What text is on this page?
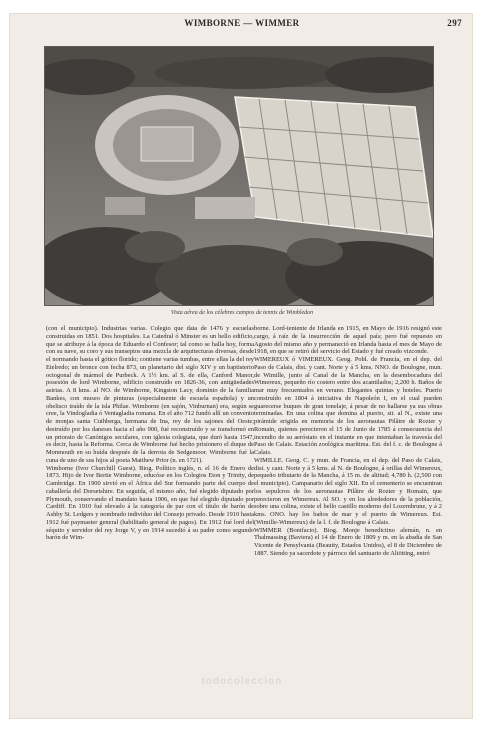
WIMBORNE — WIMMER	297
Vista aérea de los célebres campos de tennis de Wimbledon

(con el municipio). Industrias varias. Colegio que data de 1476 y escuelas construidas en 1851. Dos hospitales. La Catedral ó Minster es un bello edificio, que se atribuye á la época de Eduardo el Confesor; tal como se halla hoy, forma con su nave, su coro y sus transeptos una mezcla de arquitecturas diversas, desde el normando hasta el gótico florido; contiene varias tumbas, entre ellas la del rey Etelredo; un bronce con fecha 873, un planetario del siglo XIV y un baptisterio octogonal de mármol de Purbeck. A 1½ km. al S. de ella, Canford Manor, posesión de lord Wimborne, edificio construído en 1826-36, con antigüedades asirias. A 8 kms. al NO. de Wimborne, Kingston Lacy, dominio de la familia Bankes, con museo de pinturas (especialmente de escuela española) y un obelisco traído de la isla Philae. Wimborne (en sajón, Vinburnan) era, según se cree, la Vindogladia ó Ventagladia romana. En el año 712 fundó allí un convento de monjas santa Cuthberga, hermana de Ina, rey de los sajones del Oeste; destruído por los daneses hacia el año 900, fué reconstruído y se transformó en un priorato de Canónigos seculares, con iglesia colegiata, que duró hasta 1547, es decir, hasta la Reforma. Cerca de Wimborne fué hecho prisionero el duque de Monmouth en su huída después de la derrota de Sedgemoor. Wimborne fué la cuna de uno de sus hijos al poeta Matthew Prior (n. en 1721).

Wimborne (Ivor Churchill Guest). Biog. Político inglés, n. el 16 de Enero de 1873. Hijo de Ivor Bertie Wimborne, educóse en los Colegios Eton y Trinity, de Cambridge. En 1900 sirvió en el África del Sur formando parte del cuerpo de caballería del Dorsetshire. En seguida, el mismo año, fué elegido diputado por Plymouth, conservando el mandato hasta 1906, en que fué elegido diputado por Cardiff. En 1910 fué elevado á la categoría de par con el título de barón de Ashby St. Ledgers y nombrado individuo del Consejo privado. Desde 1910 hasta 1912 fué paymaster general (habilitado general de pagos). En 1912 fué lord del séquito y servidor del rey Jorge V, y en 1914 sucedió á su padre como segundo barón de Wim-

borne. Lord-teniente de Irlanda en 1915, en Mayo de 1916 resignó este cargo, á raíz de la insurrección de aquel país; pero fué repuesto en Agosto del mismo año y permaneció en Irlanda hasta el mes de Mayo de 1918, en que se retiró del servicio del Estado y fué creado vizconde.

WIMEREUX ó VIMEREUX. Geog. Pobl. de Francia, en el dep. del Paso de Calais, dist. y cant. Norte y á 5 kms. NNO. de Boulogne, mun. de Wimille, junto al Canal de la Mancha, en la desembocadura del Wimereux, pequeño río costero entre dos acantilados; 2,200 h. Baños de mar muy frecuentados en verano. Elegantes quintas y hoteles. Puerto construído en 1804 á iniciativa de Napoleón I, en el cual pueden guarecerse buques de gran tonelaje, á pesar de no hallarse ya sus obras terminadas. En una colina que domina al puerto, sit. al N., existe una pirámide erigida en memoria de los aeronautas Pilâtre de Rozier y Romain, quienes perecieron el 15 de Junio de 1785 á consecuencia del incendio de su aeróstato en el instante en que intentaban la travesía del Paso de Calais. Estación zoológica marítima. Est. del f. c. de Boulogne á Calais.

WIMILLE. Geog. C. y mun. de Francia, en el dep. del Paso de Calais, dist. y cant. Norte y á 5 kms. al N. de Boulogne, á orillas del Wimereux, pequeño tributario de la Mancha, á 15 m. de altitud; 4,780 h. (2,500 con el municipio). Campanario del siglo XII. En el cementerio se encuentran los sepulcros de los aeronautas Pilâtre de Rozier y Romain, que perecieron en Wimereux. Al SO. y en los alrededores de la población, sobre una colina, existe el bello castillo moderno del Lozembrune, y á 2 kms. ONO. hay los baños de mar y el puerto de Wimereux. Est. (Wimille-Wimereux) de la l. f. de Boulogne á Calais.

WIMMER (Bonifacio). Biog. Monje benedictino alemán, n. en Thalmassing (Baviera) el 14 de Enero de 1809 y m. en la abadía de San Vicente de Pensylvania (Beautty, Estados Unidos), el 8 de Diciembre de 1887. Siendo ya sacerdote y párroco del santuario de Altötting, entró

todocoleccion
